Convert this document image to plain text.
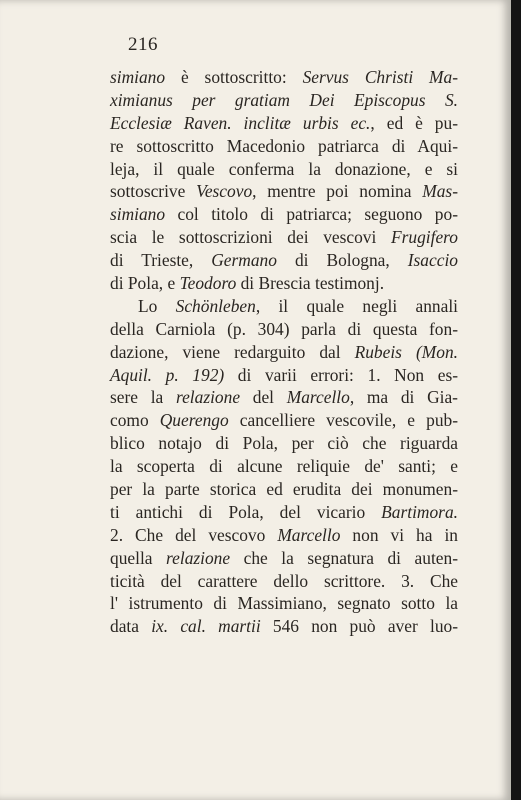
216
simiano è sottoscritto: Servus Christi Ma-
ximianus per gratiam Dei Episcopus S.
Ecclesiæ Raven. inclitæ urbis ec., ed è pu-
re sottoscritto Macedonio patriarca di Aqui-
leja, il quale conferma la donazione, e si
sottoscrive Vescovo, mentre poi nomina Mas-
simiano col titolo di patriarca; seguono po-
scia le sottoscrizioni dei vescovi Frugifero
di Trieste, Germano di Bologna, Isaccio
di Pola, e Teodoro di Brescia testimonj.
Lo Schönleben, il quale negli annali
della Carniola (p. 304) parla di questa fon-
dazione, viene redarguito dal Rubeis (Mon.
Aquil. p. 192) di varii errori: 1. Non es-
sere la relazione del Marcello, ma di Gia-
como Querengo cancelliere vescovile, e pub-
blico notajo di Pola, per ciò che riguarda
la scoperta di alcune reliquie de' santi; e
per la parte storica ed erudita dei monumen-
ti antichi di Pola, del vicario Bartimora.
2. Che del vescovo Marcello non vi ha in
quella relazione che la segnatura di auten-
ticità del carattere dello scrittore. 3. Che
l' istrumento di Massimiano, segnato sotto la
data ix. cal. martii 546 non può aver luo-
